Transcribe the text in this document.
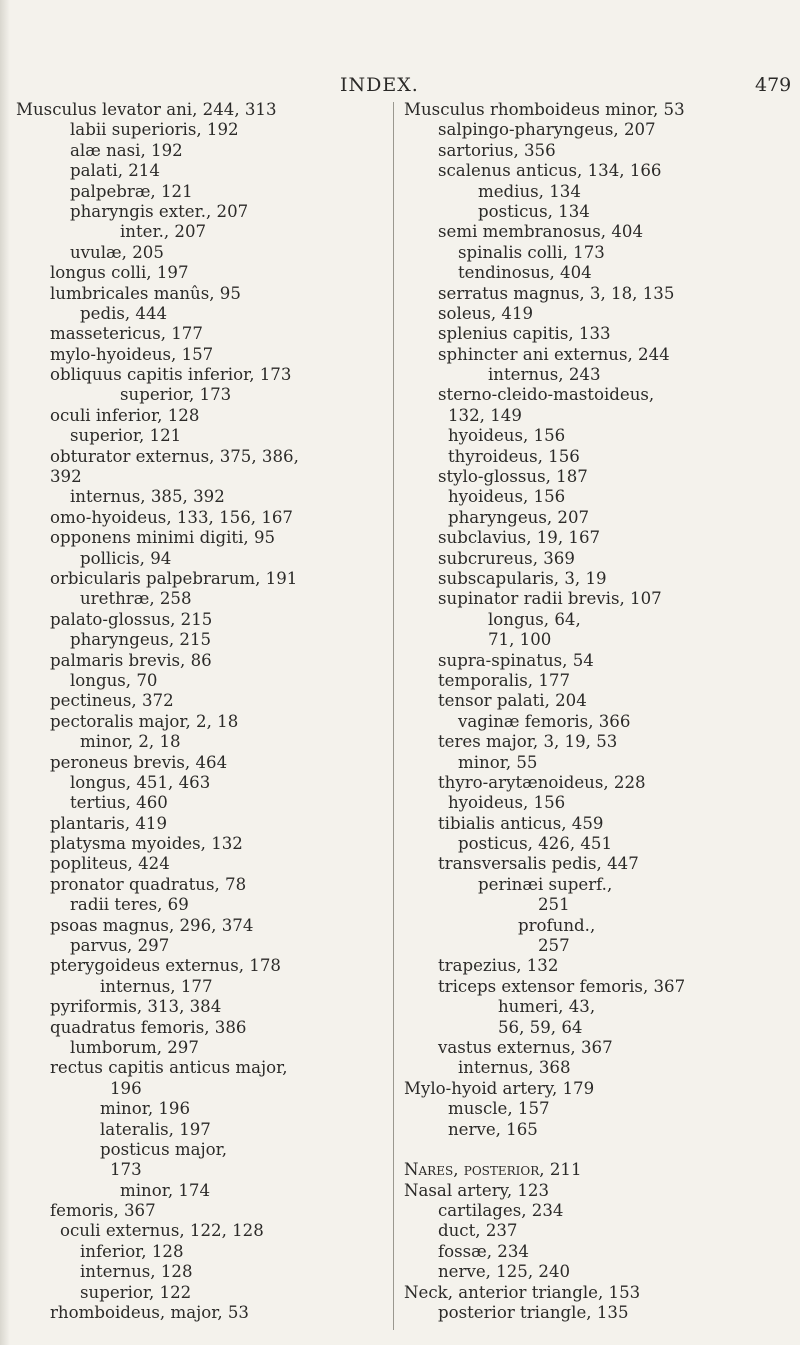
INDEX.	479
Musculus levator ani, 244, 313
labii superioris, 192
alæ nasi, 192
palati, 214
palpebræ, 121
pharyngis exter., 207
inter., 207
uvulæ, 205
longus colli, 197
lumbricales manûs, 95
pedis, 444
massetericus, 177
mylo-hyoideus, 157
obliquus capitis inferior, 173
superior, 173
oculi inferior, 128
superior, 121
obturator externus, 375, 386,
392
internus, 385, 392
omo-hyoideus, 133, 156, 167
opponens minimi digiti, 95
pollicis, 94
orbicularis palpebrarum, 191
urethræ, 258
palato-glossus, 215
pharyngeus, 215
palmaris brevis, 86
longus, 70
pectineus, 372
pectoralis major, 2, 18
minor, 2, 18
peroneus brevis, 464
longus, 451, 463
tertius, 460
plantaris, 419
platysma myoides, 132
popliteus, 424
pronator quadratus, 78
radii teres, 69
psoas magnus, 296, 374
parvus, 297
pterygoideus externus, 178
internus, 177
pyriformis, 313, 384
quadratus femoris, 386
lumborum, 297
rectus capitis anticus major,
196
minor, 196
lateralis, 197
posticus major,
173
minor, 174
femoris, 367
oculi externus, 122, 128
inferior, 128
internus, 128
superior, 122
rhomboideus, major, 53
Musculus rhomboideus minor, 53
salpingo-pharyngeus, 207
sartorius, 356
scalenus anticus, 134, 166
medius, 134
posticus, 134
semi membranosus, 404
spinalis colli, 173
tendinosus, 404
serratus magnus, 3, 18, 135
soleus, 419
splenius capitis, 133
sphincter ani externus, 244
internus, 243
sterno-cleido-mastoideus,
132, 149
hyoideus, 156
thyroideus, 156
stylo-glossus, 187
hyoideus, 156
pharyngeus, 207
subclavius, 19, 167
subcrureus, 369
subscapularis, 3, 19
supinator radii brevis, 107
longus, 64,
71, 100
supra-spinatus, 54
temporalis, 177
tensor palati, 204
vaginæ femoris, 366
teres major, 3, 19, 53
minor, 55
thyro-arytænoideus, 228
hyoideus, 156
tibialis anticus, 459
posticus, 426, 451
transversalis pedis, 447
perinæi superf.,
251
profund.,
257
trapezius, 132
triceps extensor femoris, 367
humeri, 43,
56, 59, 64
vastus externus, 367
internus, 368
Mylo-hyoid artery, 179
muscle, 157
nerve, 165
Nares, posterior, 211
Nasal artery, 123
cartilages, 234
duct, 237
fossæ, 234
nerve, 125, 240
Neck, anterior triangle, 153
posterior triangle, 135
